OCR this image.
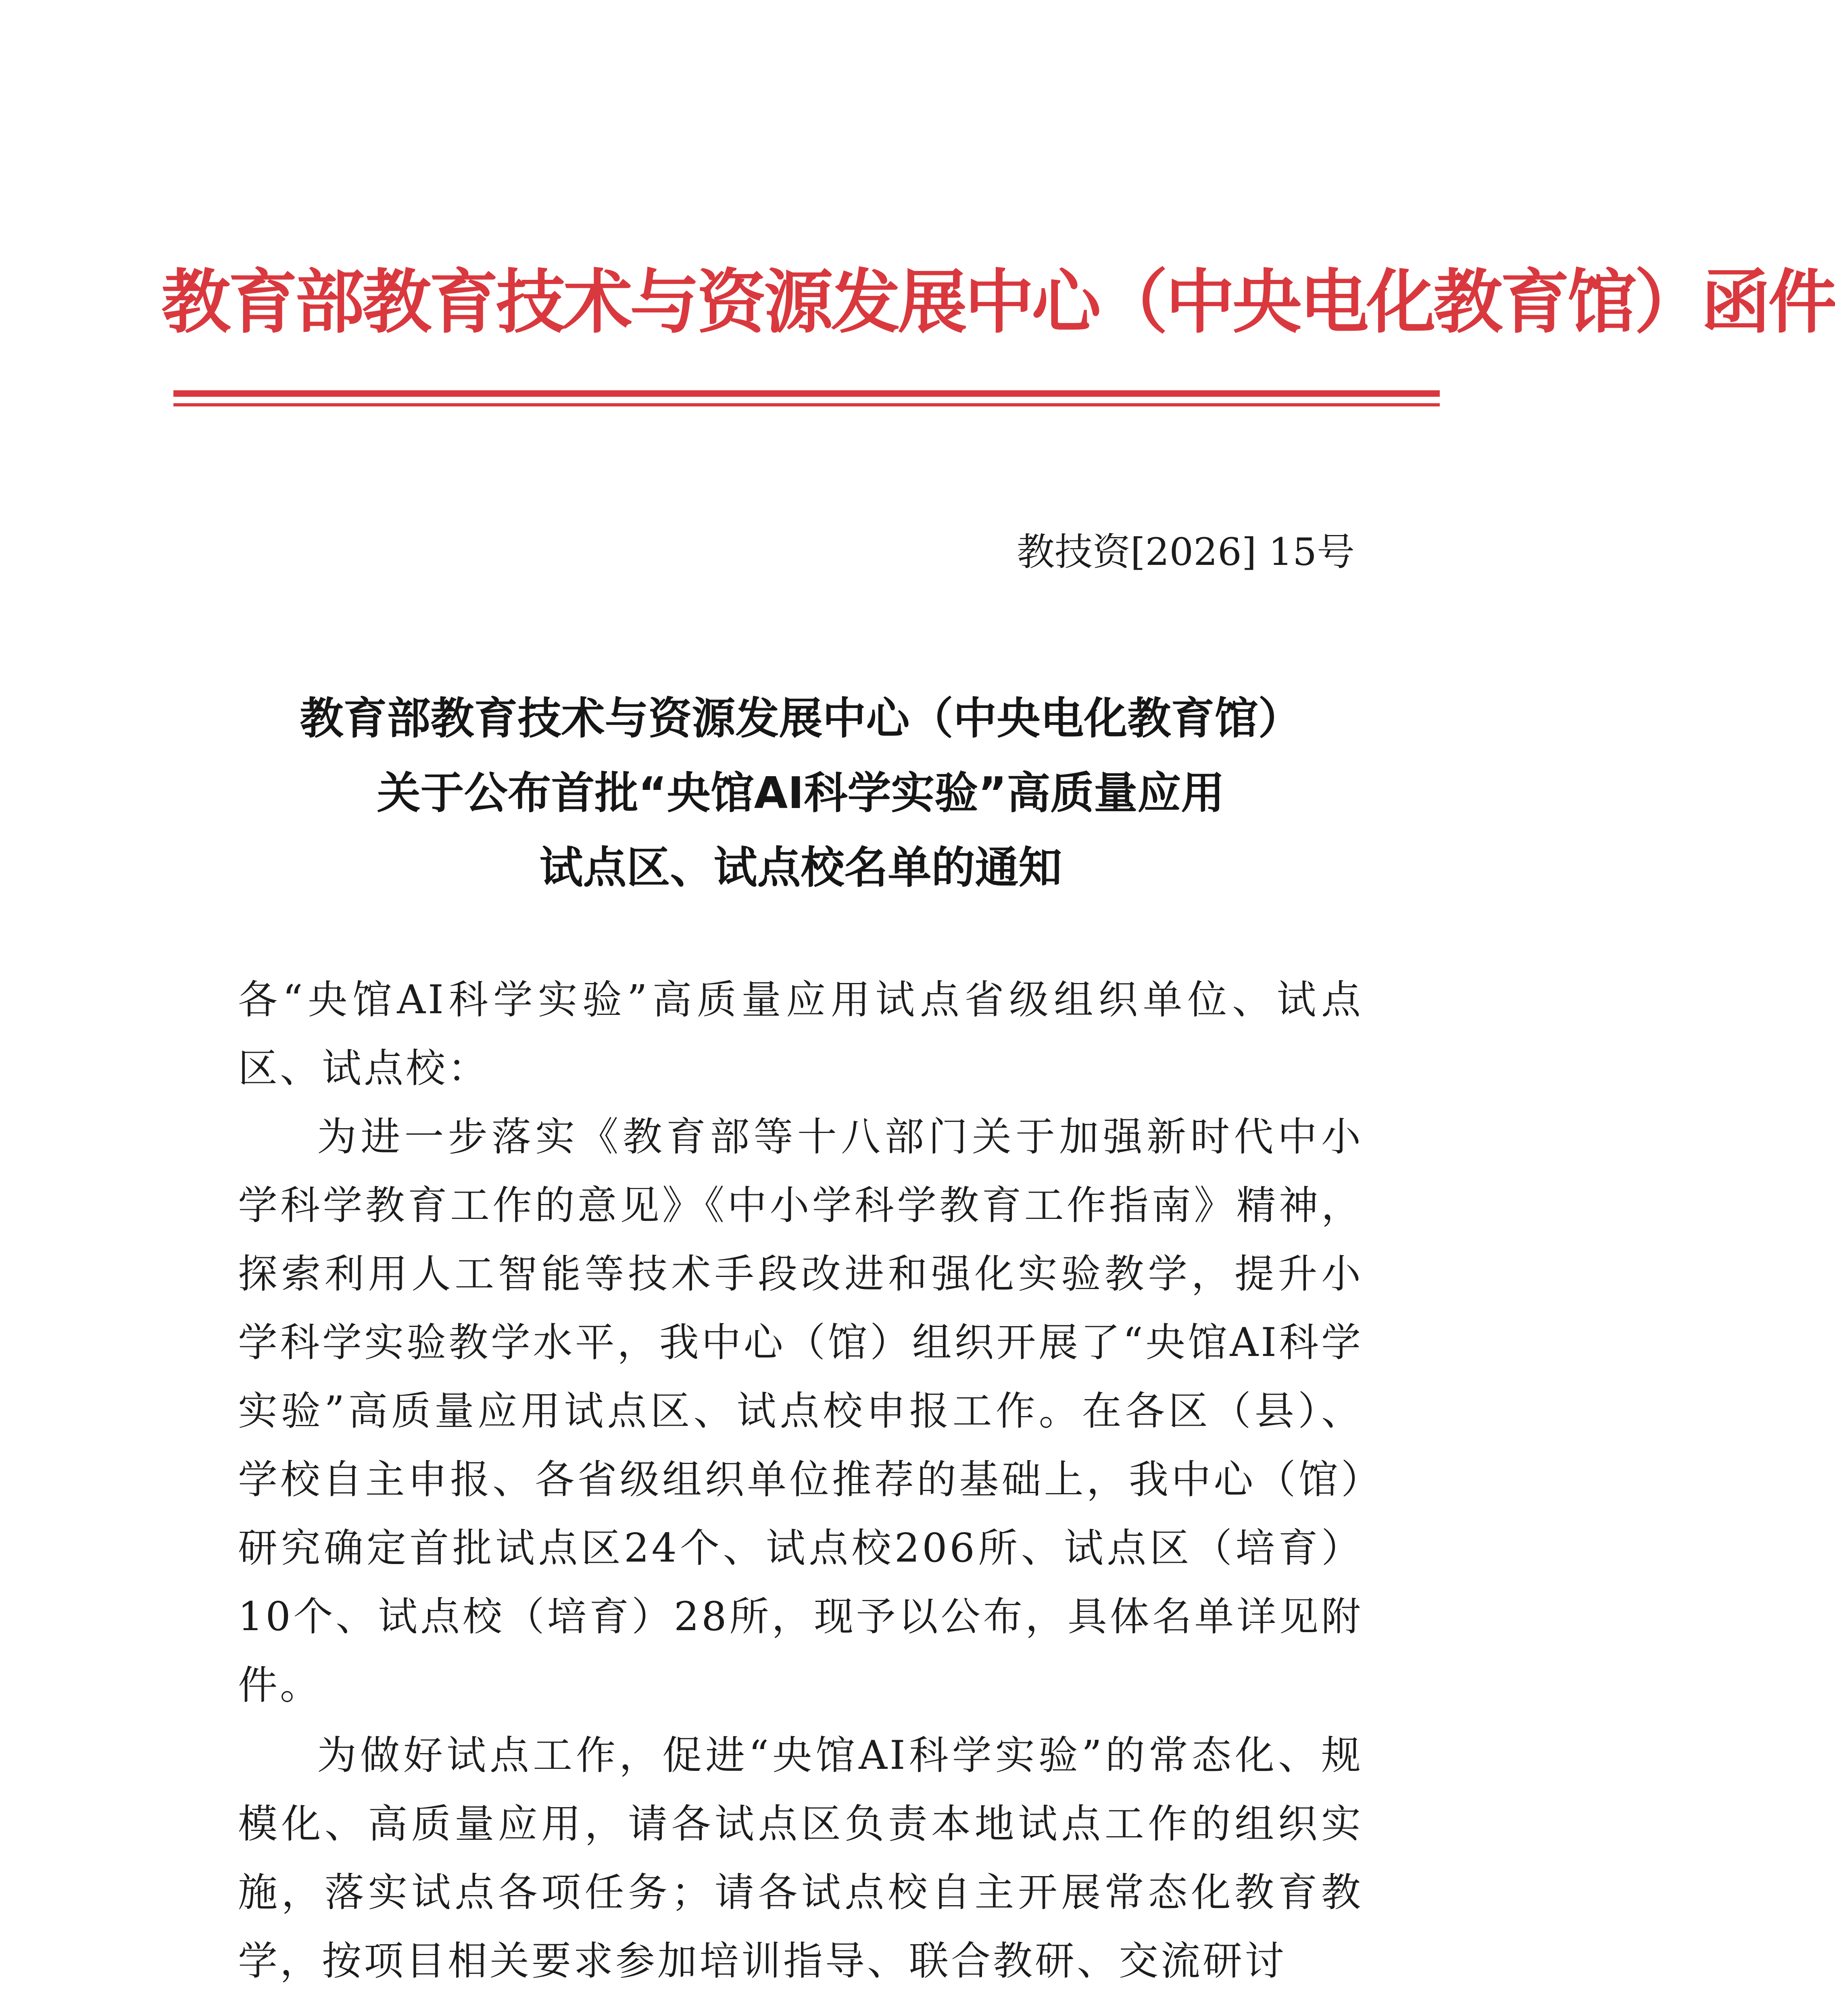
教育部教育技术与资源发展中心（中央电化教育馆）函件
教技资[2026] 15号
教育部教育技术与资源发展中心（中央电化教育馆）
关于公布首批“央馆AI科学实验”高质量应用
试点区、试点校名单的通知

各“央馆AI科学实验”高质量应用试点省级组织单位、试点区、试点校：

为进一步落实《教育部等十八部门关于加强新时代中小学科学教育工作的意见》《中小学科学教育工作指南》精神，探索利用人工智能等技术手段改进和强化实验教学，提升小学科学实验教学水平，我中心（馆）组织开展了“央馆AI科学实验”高质量应用试点区、试点校申报工作。在各区（县）、学校自主申报、各省级组织单位推荐的基础上，我中心（馆）研究确定首批试点区24个、试点校206所、试点区（培育）10个、试点校（培育）28所，现予以公布，具体名单详见附件。

为做好试点工作，促进“央馆AI科学实验”的常态化、规模化、高质量应用，请各试点区负责本地试点工作的组织实施，落实试点各项任务；请各试点校自主开展常态化教育教学，按项目相关要求参加培训指导、联合教研、交流研讨
